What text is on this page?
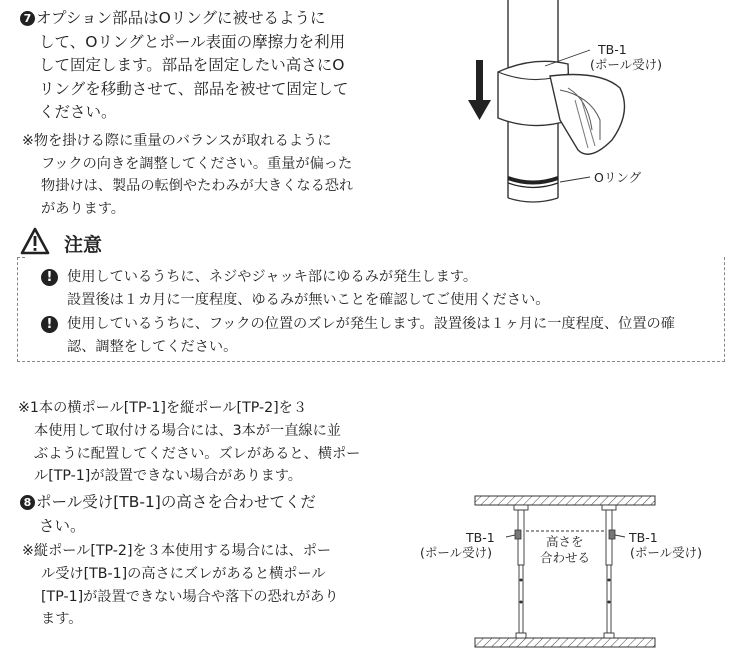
7 オプション部品はOリングに被せるように
して、Oリングとポール表面の摩擦力を利用
して固定します。部品を固定したい高さにO
リングを移動させて、部品を被せて固定して
ください。
※物を掛ける際に重量のバランスが取れるように
フックの向きを調整してください。重量が偏った
物掛けは、製品の転倒やたわみが大きくなる恐れ
があります。
TB-1
(ポール受け)
Oリング
注意
!	使用しているうちに、ネジやジャッキ部にゆるみが発生します。
設置後は１カ月に一度程度、ゆるみが無いことを確認してご使用ください。
!	使用しているうちに、フックの位置のズレが発生します。設置後は１ヶ月に一度程度、位置の確
認、調整をしてください。
※1本の横ポール[TP-1]を縦ポール[TP-2]を３
本使用して取付ける場合には、3本が一直線に並
ぶように配置してください。ズレがあると、横ポー
ル[TP-1]が設置できない場合があります。
8 ポール受け[TB-1]の高さを合わせてくだ
さい。
※縦ポール[TP-2]を３本使用する場合には、ポー
ル受け[TB-1]の高さにズレがあると横ポール
[TP-1]が設置できない場合や落下の恐れがあり
ます。
TB-1
(ポール受け)
高さを
合わせる
TB-1
(ポール受け)
